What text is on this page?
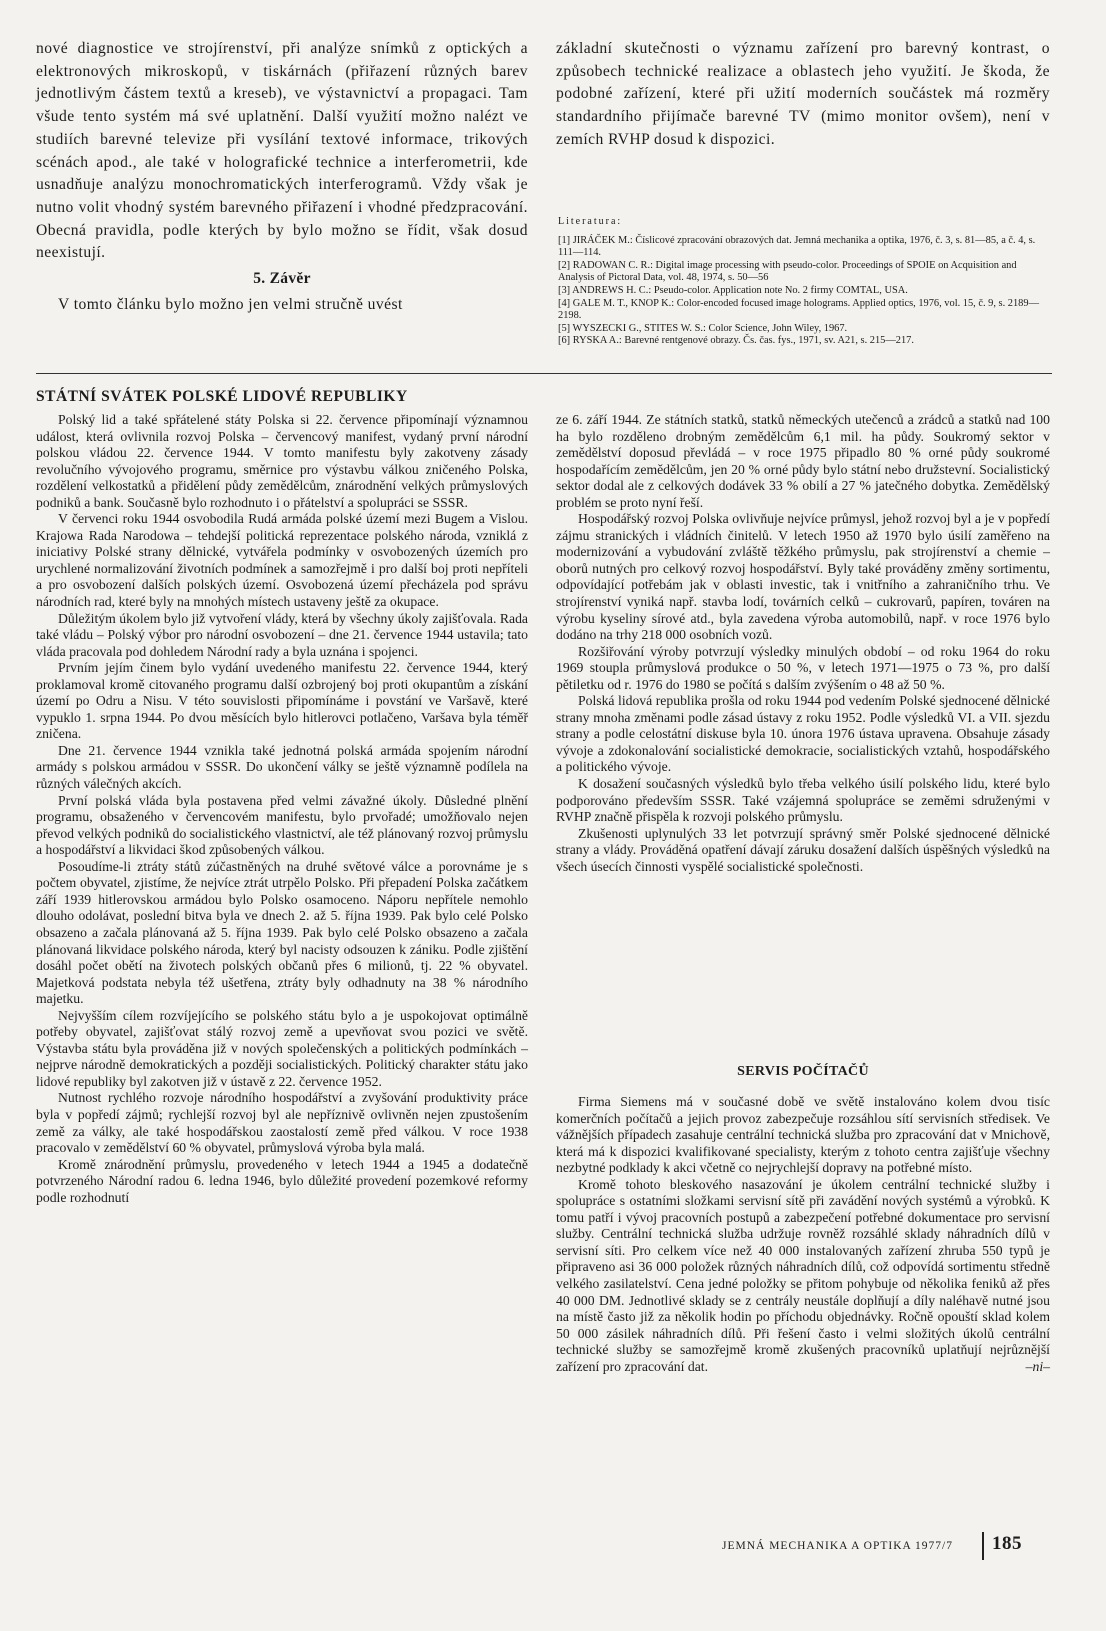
nové diagnostice ve strojírenství, při analýze snímků z optických a elektronových mikroskopů, v tiskárnách (přiřazení různých barev jednotlivým částem textů a kreseb), ve výstavnictví a propagaci. Tam všude tento systém má své uplatnění. Další využití možno nalézt ve studiích barevné televize při vysílání textové informace, trikových scénách apod., ale také v holografické technice a interferometrii, kde usnadňuje analýzu monochromatických interferogramů. Vždy však je nutno volit vhodný systém barevného přiřazení i vhodné předzpracování. Obecná pravidla, podle kterých by bylo možno se řídit, však dosud neexistují.

5. Závěr

V tomto článku bylo možno jen velmi stručně uvést

základní skutečnosti o významu zařízení pro barevný kontrast, o způsobech technické realizace a oblastech jeho využití. Je škoda, že podobné zařízení, které při užití moderních součástek má rozměry standardního přijímače barevné TV (mimo monitor ovšem), není v zemích RVHP dosud k dispozici.

Literatura:

[1] JIRÁČEK M.: Číslicové zpracování obrazových dat. Jemná mechanika a optika, 1976, č. 3, s. 81—85, a č. 4, s. 111—114.

[2] RADOWAN C. R.: Digital image processing with pseudo-color. Proceedings of SPOIE on Acquisition and Analysis of Pictoral Data, vol. 48, 1974, s. 50—56

[3] ANDREWS H. C.: Pseudo-color. Application note No. 2 firmy COMTAL, USA.

[4] GALE M. T., KNOP K.: Color-encoded focused image holograms. Applied optics, 1976, vol. 15, č. 9, s. 2189—2198.

[5] WYSZECKI G., STITES W. S.: Color Science, John Wiley, 1967.

[6] RYSKA A.: Barevné rentgenové obrazy. Čs. čas. fys., 1971, sv. A21, s. 215—217.

STÁTNÍ SVÁTEK POLSKÉ LIDOVÉ REPUBLIKY

Polský lid a také spřátelené státy Polska si 22. července připomínají významnou událost, která ovlivnila rozvoj Polska – červencový manifest, vydaný první národní polskou vládou 22. července 1944. V tomto manifestu byly zakotveny zásady revolučního vývojového programu, směrnice pro výstavbu válkou zničeného Polska, rozdělení velkostatků a přidělení půdy zemědělcům, znárodnění velkých průmyslových podniků a bank. Současně bylo rozhodnuto i o přátelství a spolupráci se SSSR.

V červenci roku 1944 osvobodila Rudá armáda polské území mezi Bugem a Vislou. Krajowa Rada Narodowa – tehdejší politická reprezentace polského národa, vzniklá z iniciativy Polské strany dělnické, vytvářela podmínky v osvobozených územích pro urychlené normalizování životních podmínek a samozřejmě i pro další boj proti nepříteli a pro osvobození dalších polských území. Osvobozená území přecházela pod správu národních rad, které byly na mnohých místech ustaveny ještě za okupace.

Důležitým úkolem bylo již vytvoření vlády, která by všechny úkoly zajišťovala. Rada také vládu – Polský výbor pro národní osvobození – dne 21. července 1944 ustavila; tato vláda pracovala pod dohledem Národní rady a byla uznána i spojenci.

Prvním jejím činem bylo vydání uvedeného manifestu 22. července 1944, který proklamoval kromě citovaného programu další ozbrojený boj proti okupantům a získání území po Odru a Nisu. V této souvislosti připomínáme i povstání ve Varšavě, které vypuklo 1. srpna 1944. Po dvou měsících bylo hitlerovci potlačeno, Varšava byla téměř zničena.

Dne 21. července 1944 vznikla také jednotná polská armáda spojením národní armády s polskou armádou v SSSR. Do ukončení války se ještě významně podílela na různých válečných akcích.

První polská vláda byla postavena před velmi závažné úkoly. Důsledné plnění programu, obsaženého v červencovém manifestu, bylo prvořadé; umožňovalo nejen převod velkých podniků do socialistického vlastnictví, ale též plánovaný rozvoj průmyslu a hospodářství a likvidaci škod způsobených válkou.

Posoudíme-li ztráty států zúčastněných na druhé světové válce a porovnáme je s počtem obyvatel, zjistíme, že nejvíce ztrát utrpělo Polsko. Při přepadení Polska začátkem září 1939 hitlerovskou armádou bylo Polsko osamoceno. Náporu nepřítele nemohlo dlouho odolávat, poslední bitva byla ve dnech 2. až 5. října 1939. Pak bylo celé Polsko obsazeno a začala plánovaná až 5. října 1939. Pak bylo celé Polsko obsazeno a začala plánovaná likvidace polského národa, který byl nacisty odsouzen k zániku. Podle zjištění dosáhl počet obětí na životech polských občanů přes 6 milionů, tj. 22 % obyvatel. Majetková podstata nebyla též ušetřena, ztráty byly odhadnuty na 38 % národního majetku.

Nejvyšším cílem rozvíjejícího se polského státu bylo a je uspokojovat optimálně potřeby obyvatel, zajišťovat stálý rozvoj země a upevňovat svou pozici ve světě. Výstavba státu byla prováděna již v nových společenských a politických podmínkách – nejprve národně demokratických a později socialistických. Politický charakter státu jako lidové republiky byl zakotven již v ústavě z 22. července 1952.

Nutnost rychlého rozvoje národního hospodářství a zvyšování produktivity práce byla v popředí zájmů; rychlejší rozvoj byl ale nepříznivě ovlivněn nejen zpustošením země za války, ale také hospodářskou zaostalostí země před válkou. V roce 1938 pracovalo v zemědělství 60 % obyvatel, průmyslová výroba byla malá.

Kromě znárodnění průmyslu, provedeného v letech 1944 a 1945 a dodatečně potvrzeného Národní radou 6. ledna 1946, bylo důležité provedení pozemkové reformy podle rozhodnutí

ze 6. září 1944. Ze státních statků, statků německých utečenců a zrádců a statků nad 100 ha bylo rozděleno drobným zemědělcům 6,1 mil. ha půdy. Soukromý sektor v zemědělství doposud převládá – v roce 1975 připadlo 80 % orné půdy soukromé hospodařícím zemědělcům, jen 20 % orné půdy bylo státní nebo družstevní. Socialistický sektor dodal ale z celkových dodávek 33 % obilí a 27 % jatečného dobytka. Zemědělský problém se proto nyní řeší.

Hospodářský rozvoj Polska ovlivňuje nejvíce průmysl, jehož rozvoj byl a je v popředí zájmu stranických i vládních činitelů. V letech 1950 až 1970 bylo úsilí zaměřeno na modernizování a vybudování zvláště těžkého průmyslu, pak strojírenství a chemie – oborů nutných pro celkový rozvoj hospodářství. Byly také prováděny změny sortimentu, odpovídající potřebám jak v oblasti investic, tak i vnitřního a zahraničního trhu. Ve strojírenství vyniká např. stavba lodí, továrních celků – cukrovarů, papíren, továren na výrobu kyseliny sírové atd., byla zavedena výroba automobilů, např. v roce 1976 bylo dodáno na trhy 218 000 osobních vozů.

Rozšiřování výroby potvrzují výsledky minulých období – od roku 1964 do roku 1969 stoupla průmyslová produkce o 50 %, v letech 1971—1975 o 73 %, pro další pětiletku od r. 1976 do 1980 se počítá s dalším zvýšením o 48 až 50 %.

Polská lidová republika prošla od roku 1944 pod vedením Polské sjednocené dělnické strany mnoha změnami podle zásad ústavy z roku 1952. Podle výsledků VI. a VII. sjezdu strany a podle celostátní diskuse byla 10. února 1976 ústava upravena. Obsahuje zásady vývoje a zdokonalování socialistické demokracie, socialistických vztahů, hospodářského a politického vývoje.

K dosažení současných výsledků bylo třeba velkého úsilí polského lidu, které bylo podporováno především SSSR. Také vzájemná spolupráce se zeměmi sdruženými v RVHP značně přispěla k rozvoji polského průmyslu.

Zkušenosti uplynulých 33 let potvrzují správný směr Polské sjednocené dělnické strany a vlády. Prováděná opatření dávají záruku dosažení dalších úspěšných výsledků na všech úsecích činnosti vyspělé socialistické společnosti.

SERVIS POČÍTAČŮ

Firma Siemens má v současné době ve světě instalováno kolem dvou tisíc komerčních počítačů a jejich provoz zabezpečuje rozsáhlou sítí servisních středisek. Ve vážnějších případech zasahuje centrální technická služba pro zpracování dat v Mnichově, která má k dispozici kvalifikované specialisty, kterým z tohoto centra zajišťuje všechny nezbytné podklady k akci včetně co nejrychlejší dopravy na potřebné místo.

Kromě tohoto bleskového nasazování je úkolem centrální technické služby i spolupráce s ostatními složkami servisní sítě při zavádění nových systémů a výrobků. K tomu patří i vývoj pracovních postupů a zabezpečení potřebné dokumentace pro servisní služby. Centrální technická služba udržuje rovněž rozsáhlé sklady náhradních dílů v servisní síti. Pro celkem více než 40 000 instalovaných zařízení zhruba 550 typů je připraveno asi 36 000 položek různých náhradních dílů, což odpovídá sortimentu středně velkého zasilatelství. Cena jedné položky se přitom pohybuje od několika feniků až přes 40 000 DM. Jednotlivé sklady se z centrály neustále doplňují a díly naléhavě nutné jsou na místě často již za několik hodin po příchodu objednávky. Ročně opouští sklad kolem 50 000 zásilek náhradních dílů. Při řešení často i velmi složitých úkolů centrální technické služby se samozřejmě kromě zkušených pracovníků uplatňují nejrůznější zařízení pro zpracování dat.	–ni–

JEMNÁ MECHANIKA A OPTIKA 1977/7 185
